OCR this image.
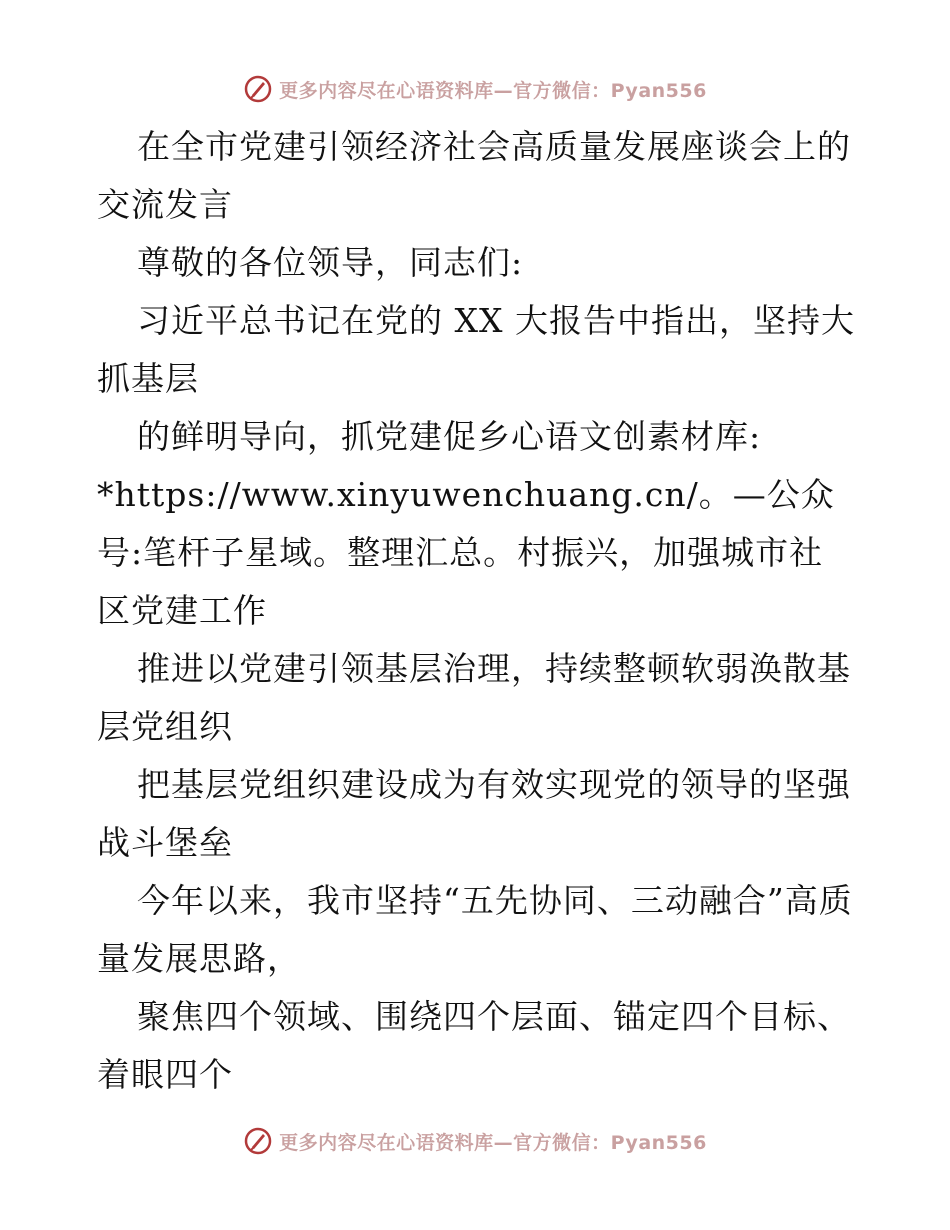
更多内容尽在心语资料库—官方微信：Pyan556

在全市党建引领经济社会高质量发展座谈会上的交流发言

尊敬的各位领导，同志们:

习近平总书记在党的 XX 大报告中指出，坚持大抓基层

的鲜明导向，抓党建促乡心语文创素材库:

*https://www.xinyuwenchuang.cn/。—公众号:笔杆子星域。整理汇总。村振兴，加强城市社区党建工作

推进以党建引领基层治理，持续整顿软弱涣散基层党组织

把基层党组织建设成为有效实现党的领导的坚强战斗堡垒

今年以来，我市坚持“五先协同、三动融合”高质量发展思路，

聚焦四个领域、围绕四个层面、锚定四个目标、着眼四个

更多内容尽在心语资料库—官方微信：Pyan556
